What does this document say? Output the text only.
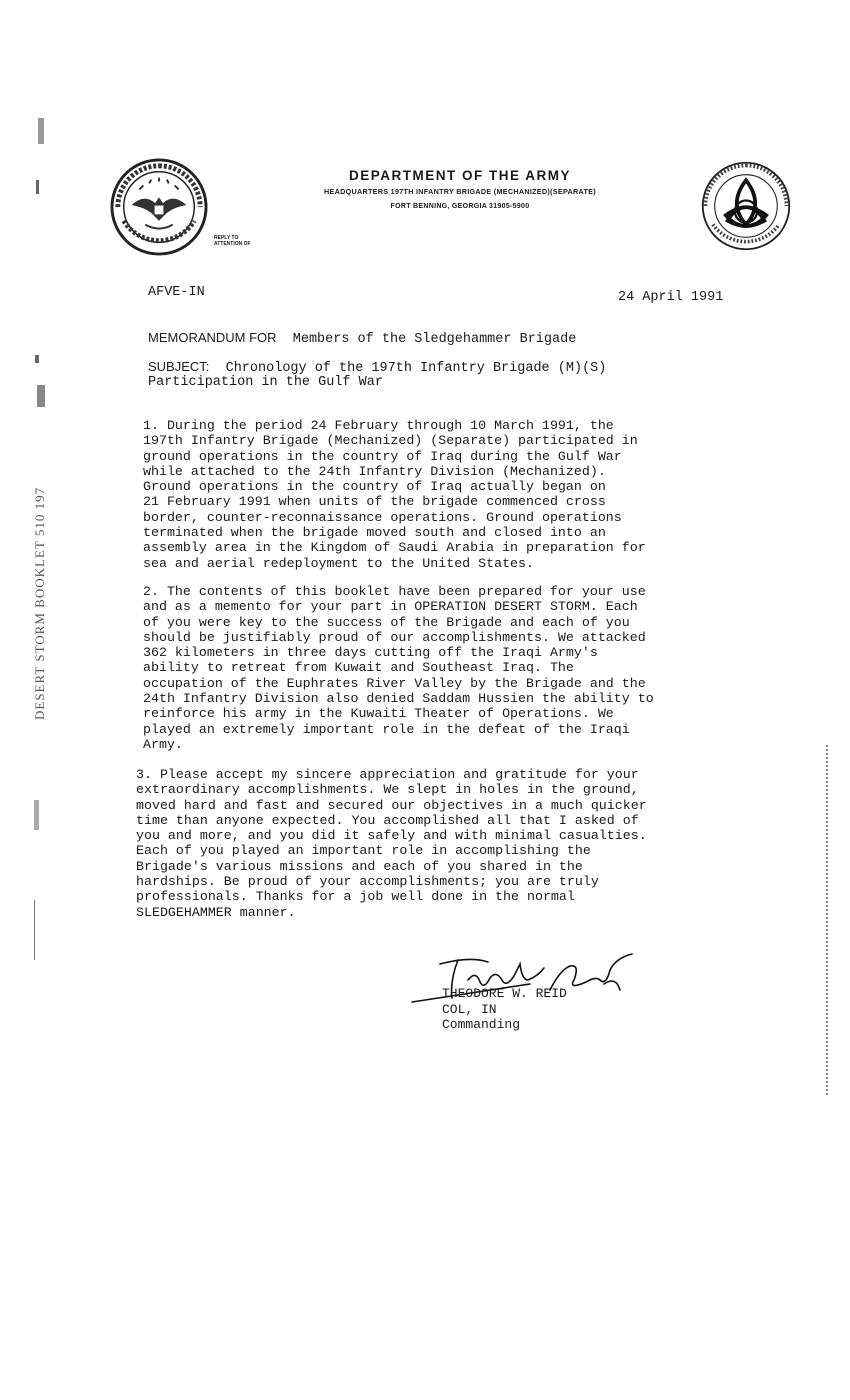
DESERT STORM BOOKLET 510 197
DEPARTMENT OF THE ARMY
HEADQUARTERS 197TH INFANTRY BRIGADE (MECHANIZED)(SEPARATE)
FORT BENNING, GEORGIA 31905-5900
REPLY TO
ATTENTION OF
AFVE-IN	24 April 1991
MEMORANDUM FOR Members of the Sledgehammer Brigade
SUBJECT: Chronology of the 197th Infantry Brigade (M)(S)
Participation in the Gulf War
1. During the period 24 February through 10 March 1991, the
197th Infantry Brigade (Mechanized) (Separate) participated in
ground operations in the country of Iraq during the Gulf War
while attached to the 24th Infantry Division (Mechanized).
Ground operations in the country of Iraq actually began on
21 February 1991 when units of the brigade commenced cross
border, counter-reconnaissance operations. Ground operations
terminated when the brigade moved south and closed into an
assembly area in the Kingdom of Saudi Arabia in preparation for
sea and aerial redeployment to the United States.
2. The contents of this booklet have been prepared for your use
and as a memento for your part in OPERATION DESERT STORM. Each
of you were key to the success of the Brigade and each of you
should be justifiably proud of our accomplishments. We attacked
362 kilometers in three days cutting off the Iraqi Army's
ability to retreat from Kuwait and Southeast Iraq. The
occupation of the Euphrates River Valley by the Brigade and the
24th Infantry Division also denied Saddam Hussien the ability to
reinforce his army in the Kuwaiti Theater of Operations. We
played an extremely important role in the defeat of the Iraqi
Army.
3. Please accept my sincere appreciation and gratitude for your
extraordinary accomplishments. We slept in holes in the ground,
moved hard and fast and secured our objectives in a much quicker
time than anyone expected. You accomplished all that I asked of
you and more, and you did it safely and with minimal casualties.
Each of you played an important role in accomplishing the
Brigade's various missions and each of you shared in the
hardships. Be proud of your accomplishments; you are truly
professionals. Thanks for a job well done in the normal
SLEDGEHAMMER manner.
THEODORE W. REID
COL, IN
Commanding
